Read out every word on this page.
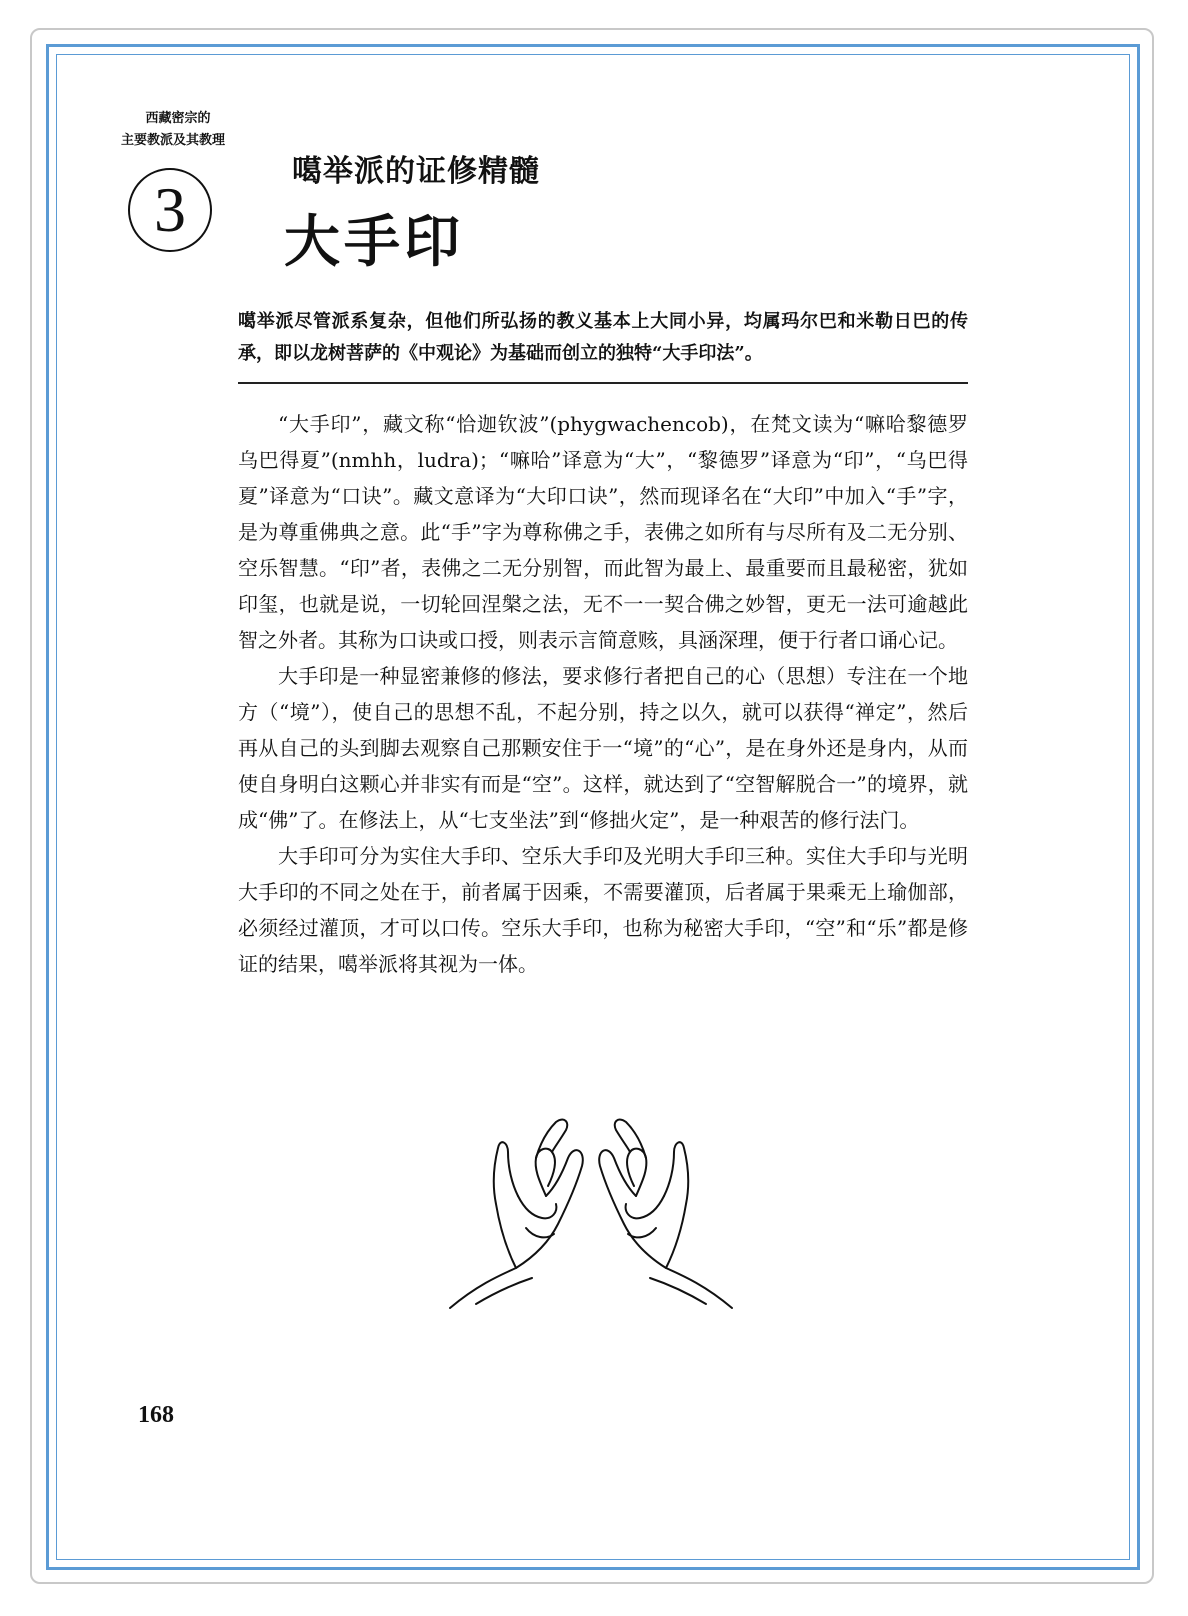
西藏密宗的
主要教派及其教理
3
噶举派的证修精髓
大手印
噶举派尽管派系复杂，但他们所弘扬的教义基本上大同小异，均属玛尔巴和米勒日巴的传承，即以龙树菩萨的《中观论》为基础而创立的独特“大手印法”。

“大手印”，藏文称“恰迦钦波”(phygwachencob)，在梵文读为“嘛哈黎德罗乌巴得夏”(nmhh，ludra)；“嘛哈”译意为“大”，“黎德罗”译意为“印”，“乌巴得夏”译意为“口诀”。藏文意译为“大印口诀”，然而现译名在“大印”中加入“手”字，是为尊重佛典之意。此“手”字为尊称佛之手，表佛之如所有与尽所有及二无分别、空乐智慧。“印”者，表佛之二无分别智，而此智为最上、最重要而且最秘密，犹如印玺，也就是说，一切轮回涅槃之法，无不一一契合佛之妙智，更无一法可逾越此智之外者。其称为口诀或口授，则表示言简意赅，具涵深理，便于行者口诵心记。

大手印是一种显密兼修的修法，要求修行者把自己的心（思想）专注在一个地方（“境”），使自己的思想不乱，不起分别，持之以久，就可以获得“禅定”，然后再从自己的头到脚去观察自己那颗安住于一“境”的“心”，是在身外还是身内，从而使自身明白这颗心并非实有而是“空”。这样，就达到了“空智解脱合一”的境界，就成“佛”了。在修法上，从“七支坐法”到“修拙火定”，是一种艰苦的修行法门。

大手印可分为实住大手印、空乐大手印及光明大手印三种。实住大手印与光明大手印的不同之处在于，前者属于因乘，不需要灌顶，后者属于果乘无上瑜伽部，必须经过灌顶，才可以口传。空乐大手印，也称为秘密大手印，“空”和“乐”都是修证的结果，噶举派将其视为一体。

168
